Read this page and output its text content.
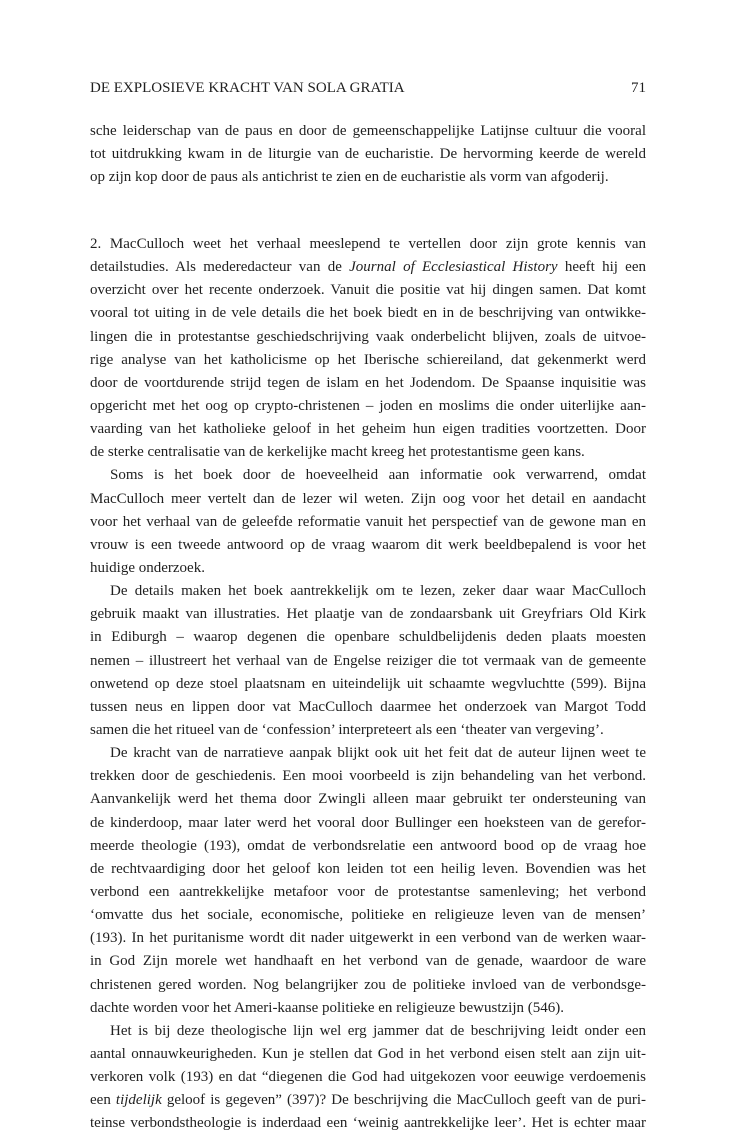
DE EXPLOSIEVE KRACHT VAN SOLA GRATIA	71
sche leiderschap van de paus en door de gemeenschappelijke Latijnse cultuur die vooral
tot uitdrukking kwam in de liturgie van de eucharistie. De hervorming keerde de wereld
op zijn kop door de paus als antichrist te zien en de eucharistie als vorm van afgoderij.
2. MacCulloch weet het verhaal meeslepend te vertellen door zijn grote kennis van
detailstudies. Als mederedacteur van de Journal of Ecclesiastical History heeft hij een
overzicht over het recente onderzoek. Vanuit die positie vat hij dingen samen. Dat komt
vooral tot uiting in de vele details die het boek biedt en in de beschrijving van ontwikke-
lingen die in protestantse geschiedschrijving vaak onderbelicht blijven, zoals de uitvoe-
rige analyse van het katholicisme op het Iberische schiereiland, dat gekenmerkt werd
door de voortdurende strijd tegen de islam en het Jodendom. De Spaanse inquisitie was
opgericht met het oog op crypto-christenen – joden en moslims die onder uiterlijke aan-
vaarding van het katholieke geloof in het geheim hun eigen tradities voortzetten. Door
de sterke centralisatie van de kerkelijke macht kreeg het protestantisme geen kans.
Soms is het boek door de hoeveelheid aan informatie ook verwarrend, omdat
MacCulloch meer vertelt dan de lezer wil weten. Zijn oog voor het detail en aandacht
voor het verhaal van de geleefde reformatie vanuit het perspectief van de gewone man en
vrouw is een tweede antwoord op de vraag waarom dit werk beeldbepalend is voor het
huidige onderzoek.
De details maken het boek aantrekkelijk om te lezen, zeker daar waar MacCulloch
gebruik maakt van illustraties. Het plaatje van de zondaarsbank uit Greyfriars Old Kirk
in Ediburgh – waarop degenen die openbare schuldbelijdenis deden plaats moesten
nemen – illustreert het verhaal van de Engelse reiziger die tot vermaak van de gemeente
onwetend op deze stoel plaatsnam en uiteindelijk uit schaamte wegvluchtte (599). Bijna
tussen neus en lippen door vat MacCulloch daarmee het onderzoek van Margot Todd
samen die het ritueel van de ‘confession’ interpreteert als een ‘theater van vergeving’.
De kracht van de narratieve aanpak blijkt ook uit het feit dat de auteur lijnen weet te
trekken door de geschiedenis. Een mooi voorbeeld is zijn behandeling van het verbond.
Aanvankelijk werd het thema door Zwingli alleen maar gebruikt ter ondersteuning van
de kinderdoop, maar later werd het vooral door Bullinger een hoeksteen van de gerefor-
meerde theologie (193), omdat de verbondsrelatie een antwoord bood op de vraag hoe
de rechtvaardiging door het geloof kon leiden tot een heilig leven. Bovendien was het
verbond een aantrekkelijke metafoor voor de protestantse samenleving; het verbond
‘omvatte dus het sociale, economische, politieke en religieuze leven van de mensen’
(193). In het puritanisme wordt dit nader uitgewerkt in een verbond van de werken waar-
in God Zijn morele wet handhaaft en het verbond van de genade, waardoor de ware
christenen gered worden. Nog belangrijker zou de politieke invloed van de verbondsge-
dachte worden voor het Ameri-kaanse politieke en religieuze bewustzijn (546).
Het is bij deze theologische lijn wel erg jammer dat de beschrijving leidt onder een
aantal onnauwkeurigheden. Kun je stellen dat God in het verbond eisen stelt aan zijn uit-
verkoren volk (193) en dat “diegenen die God had uitgekozen voor eeuwige verdoemenis
een tijdelijk geloof is gegeven” (397)? De beschrijving die MacCulloch geeft van de puri-
teinse verbondstheologie is inderdaad een ‘weinig aantrekkelijke leer’. Het is echter maar
